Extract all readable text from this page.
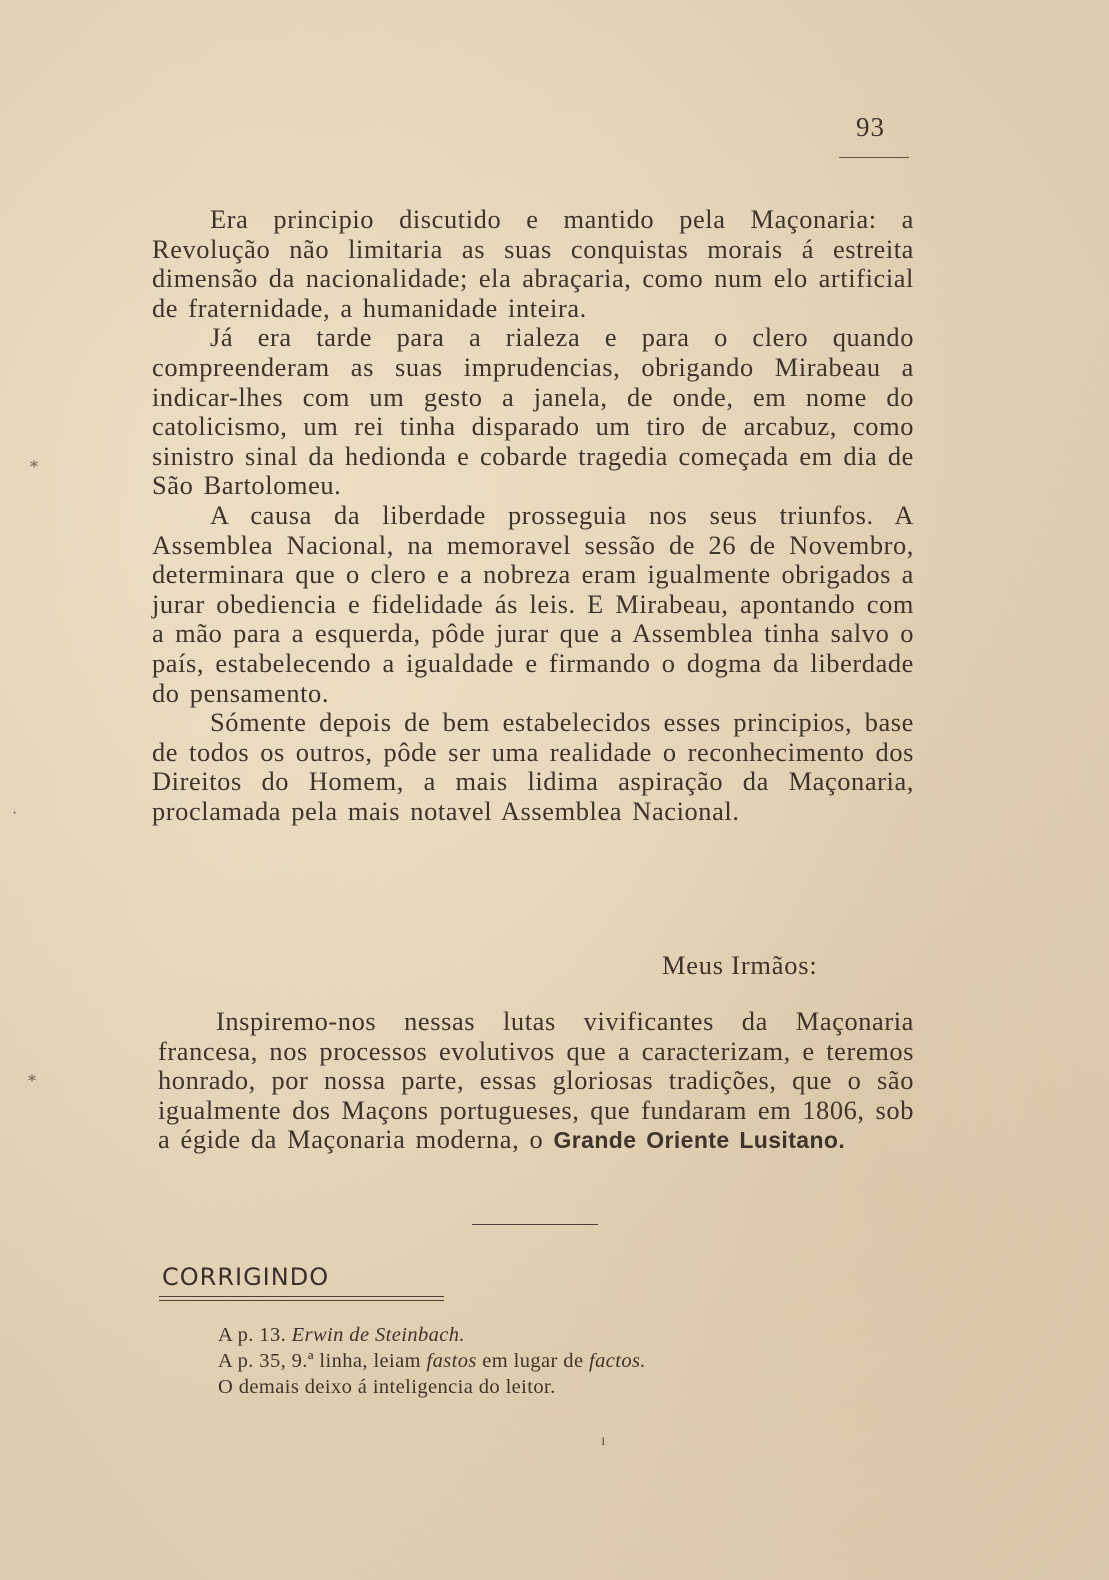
93

Era principio discutido e mantido pela Maçonaria: a Revolução não limitaria as suas conquistas morais á estreita dimensão da nacionalidade; ela abraçaria, como num elo artificial de fraternidade, a humanidade inteira.

Já era tarde para a rialeza e para o clero quando compreenderam as suas imprudencias, obrigando Mirabeau a indicar-lhes com um gesto a janela, de onde, em nome do catolicismo, um rei tinha disparado um tiro de arcabuz, como sinistro sinal da hedionda e cobarde tragedia começada em dia de São Bartolomeu.

A causa da liberdade prosseguia nos seus triunfos. A Assemblea Nacional, na memoravel sessão de 26 de Novembro, determinara que o clero e a nobreza eram igualmente obrigados a jurar obediencia e fidelidade ás leis. E Mirabeau, apontando com a mão para a esquerda, pôde jurar que a Assemblea tinha salvo o país, estabelecendo a igualdade e firmando o dogma da liberdade do pensamento.

Sómente depois de bem estabelecidos esses principios, base de todos os outros, pôde ser uma realidade o reconhecimento dos Direitos do Homem, a mais lidima aspiração da Maçonaria, proclamada pela mais notavel Assemblea Nacional.

Meus Irmãos:

Inspiremo-nos nessas lutas vivificantes da Maçonaria francesa, nos processos evolutivos que a caracterizam, e teremos honrado, por nossa parte, essas gloriosas tradições, que o são igualmente dos Maçons portugueses, que fundaram em 1806, sob a égide da Maçonaria moderna, o Grande Oriente Lusitano.

CORRIGINDO
A p. 13. Erwin de Steinbach.
A p. 35, 9.ª linha, leiam fastos em lugar de factos.
O demais deixo á inteligencia do leitor.
⁎
·
⁎
ı
